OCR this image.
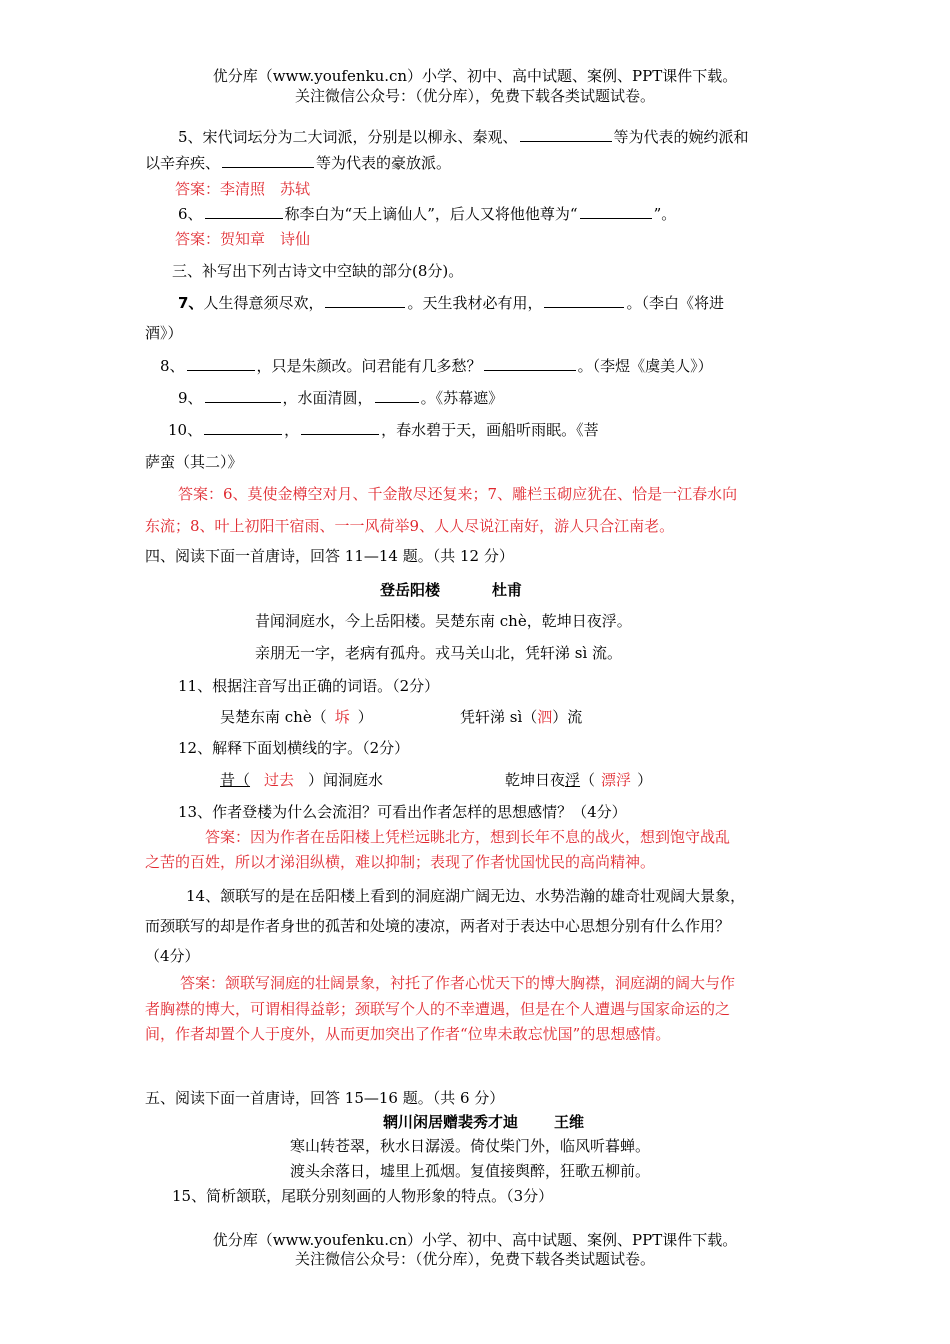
优分库（www.youfenku.cn）小学、初中、高中试题、案例、PPT课件下载。
关注微信公众号：（优分库），免费下载各类试题试卷。
5、宋代词坛分为二大词派，分别是以柳永、秦观、	等为代表的婉约派和
以辛弃疾、	等为代表的豪放派。
答案：李清照　苏轼
6、	称李白为“天上谪仙人”，后人又将他他尊为“	”。
答案：贺知章　诗仙
三、补写出下列古诗文中空缺的部分(8分)。
7、人生得意须尽欢，	。天生我材必有用，	。（李白《将进
酒》）
8、	，只是朱颜改。问君能有几多愁？	。（李煜《虞美人》）
9、	，水面清圆，	。《苏幕遮》
10、	，	，春水碧于天，画船听雨眠。《菩
萨蛮（其二）》
答案：6、莫使金樽空对月、千金散尽还复来；7、雕栏玉砌应犹在、恰是一江春水向
东流；8、叶上初阳干宿雨、一一风荷举9、人人尽说江南好，游人只合江南老。
四、阅读下面一首唐诗，回答 11—14 题。（共 12 分）
登岳阳楼	杜甫
昔闻洞庭水，今上岳阳楼。吴楚东南 chè，乾坤日夜浮。
亲朋无一字，老病有孤舟。戎马关山北，凭轩涕 sì 流。
11、根据注音写出正确的词语。（2分）
吴楚东南 chè（ 坼 ）	凭轩涕 sì（泗）流
12、解释下面划横线的字。（2分）
昔（ 过去 ）闻洞庭水	乾坤日夜浮（ 漂浮 ）
13、作者登楼为什么会流泪？可看出作者怎样的思想感情？（4分）
答案：因为作者在岳阳楼上凭栏远眺北方，想到长年不息的战火，想到饱守战乱
之苦的百姓，所以才涕泪纵横，难以抑制；表现了作者忧国忧民的高尚精神。
14、颔联写的是在岳阳楼上看到的洞庭湖广阔无边、水势浩瀚的雄奇壮观阔大景象，
而颈联写的却是作者身世的孤苦和处境的凄凉，两者对于表达中心思想分别有什么作用？
（4分）
答案：颔联写洞庭的壮阔景象，衬托了作者心忧天下的博大胸襟，洞庭湖的阔大与作
者胸襟的博大，可谓相得益彰；颈联写个人的不幸遭遇，但是在个人遭遇与国家命运的之
间，作者却置个人于度外，从而更加突出了作者“位卑未敢忘忧国”的思想感情。
五、阅读下面一首唐诗，回答 15—16 题。（共 6 分）
辋川闲居赠裴秀才迪 王维
寒山转苍翠，秋水日潺湲。倚仗柴门外，临风听暮蝉。
渡头余落日，墟里上孤烟。复值接舆醉，狂歌五柳前。
15、简析颔联，尾联分别刻画的人物形象的特点。（3分）
优分库（www.youfenku.cn）小学、初中、高中试题、案例、PPT课件下载。
关注微信公众号：（优分库），免费下载各类试题试卷。
